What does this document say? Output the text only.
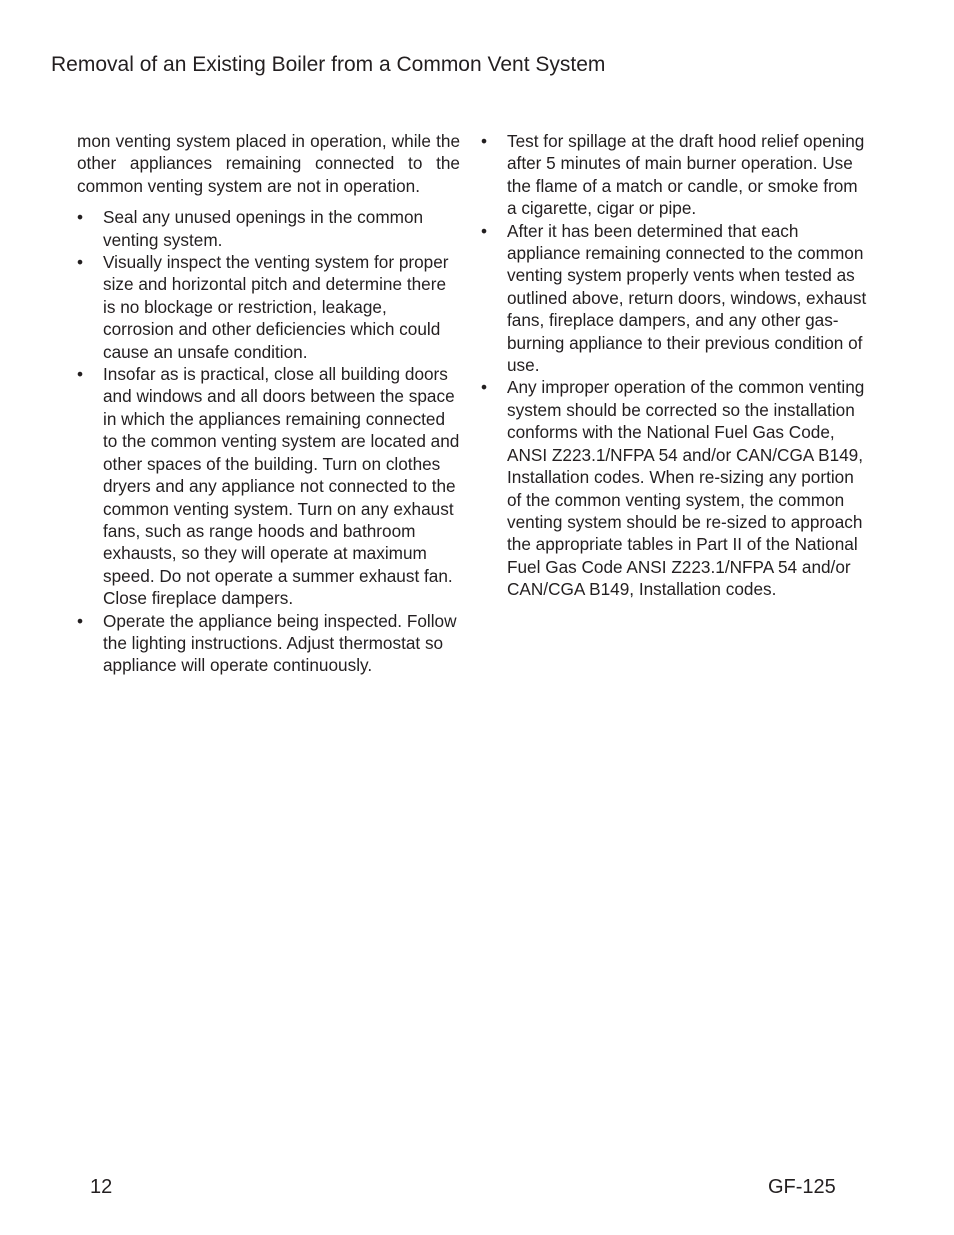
Removal of an Existing Boiler from a Common Vent System

mon venting system placed in operation, while the other appliances remaining connected to the common venting system are not in operation.

•	Seal any unused openings in the common venting system.
•	Visually inspect the venting system for proper size and horizontal pitch and determine there is no blockage or restriction, leakage, corrosion and other deficiencies which could cause an unsafe condition.
•	Insofar as is practical, close all building doors and windows and all doors between the space in which the appliances remaining connected to the common venting system are located and other spaces of the building. Turn on clothes dryers and any appliance not connected to the common venting system. Turn on any exhaust fans, such as range hoods and bathroom exhausts, so they will operate at maximum speed. Do not operate a summer exhaust fan. Close fireplace dampers.
•	Operate the appliance being inspected. Follow the lighting instructions. Adjust thermostat so appliance will operate continuously.
•	Test for spillage at the draft hood relief opening after 5 minutes of main burner operation. Use the flame of a match or candle, or smoke from a cigarette, cigar or pipe.
•	After it has been determined that each appliance remaining connected to the common venting system properly vents when tested as outlined above, return doors, windows, exhaust fans, fireplace dampers, and any other gas-burning appliance to their previous condition of use.
•	Any improper operation of the common venting system should be corrected so the installation conforms with the National Fuel Gas Code, ANSI Z223.1/NFPA 54 and/or CAN/CGA B149, Installation codes. When re-sizing any portion of the common venting system, the common venting system should be re-sized to approach the appropriate tables in Part II of the National Fuel Gas Code ANSI Z223.1/NFPA 54 and/or CAN/CGA B149, Installation codes.

12	GF-125
